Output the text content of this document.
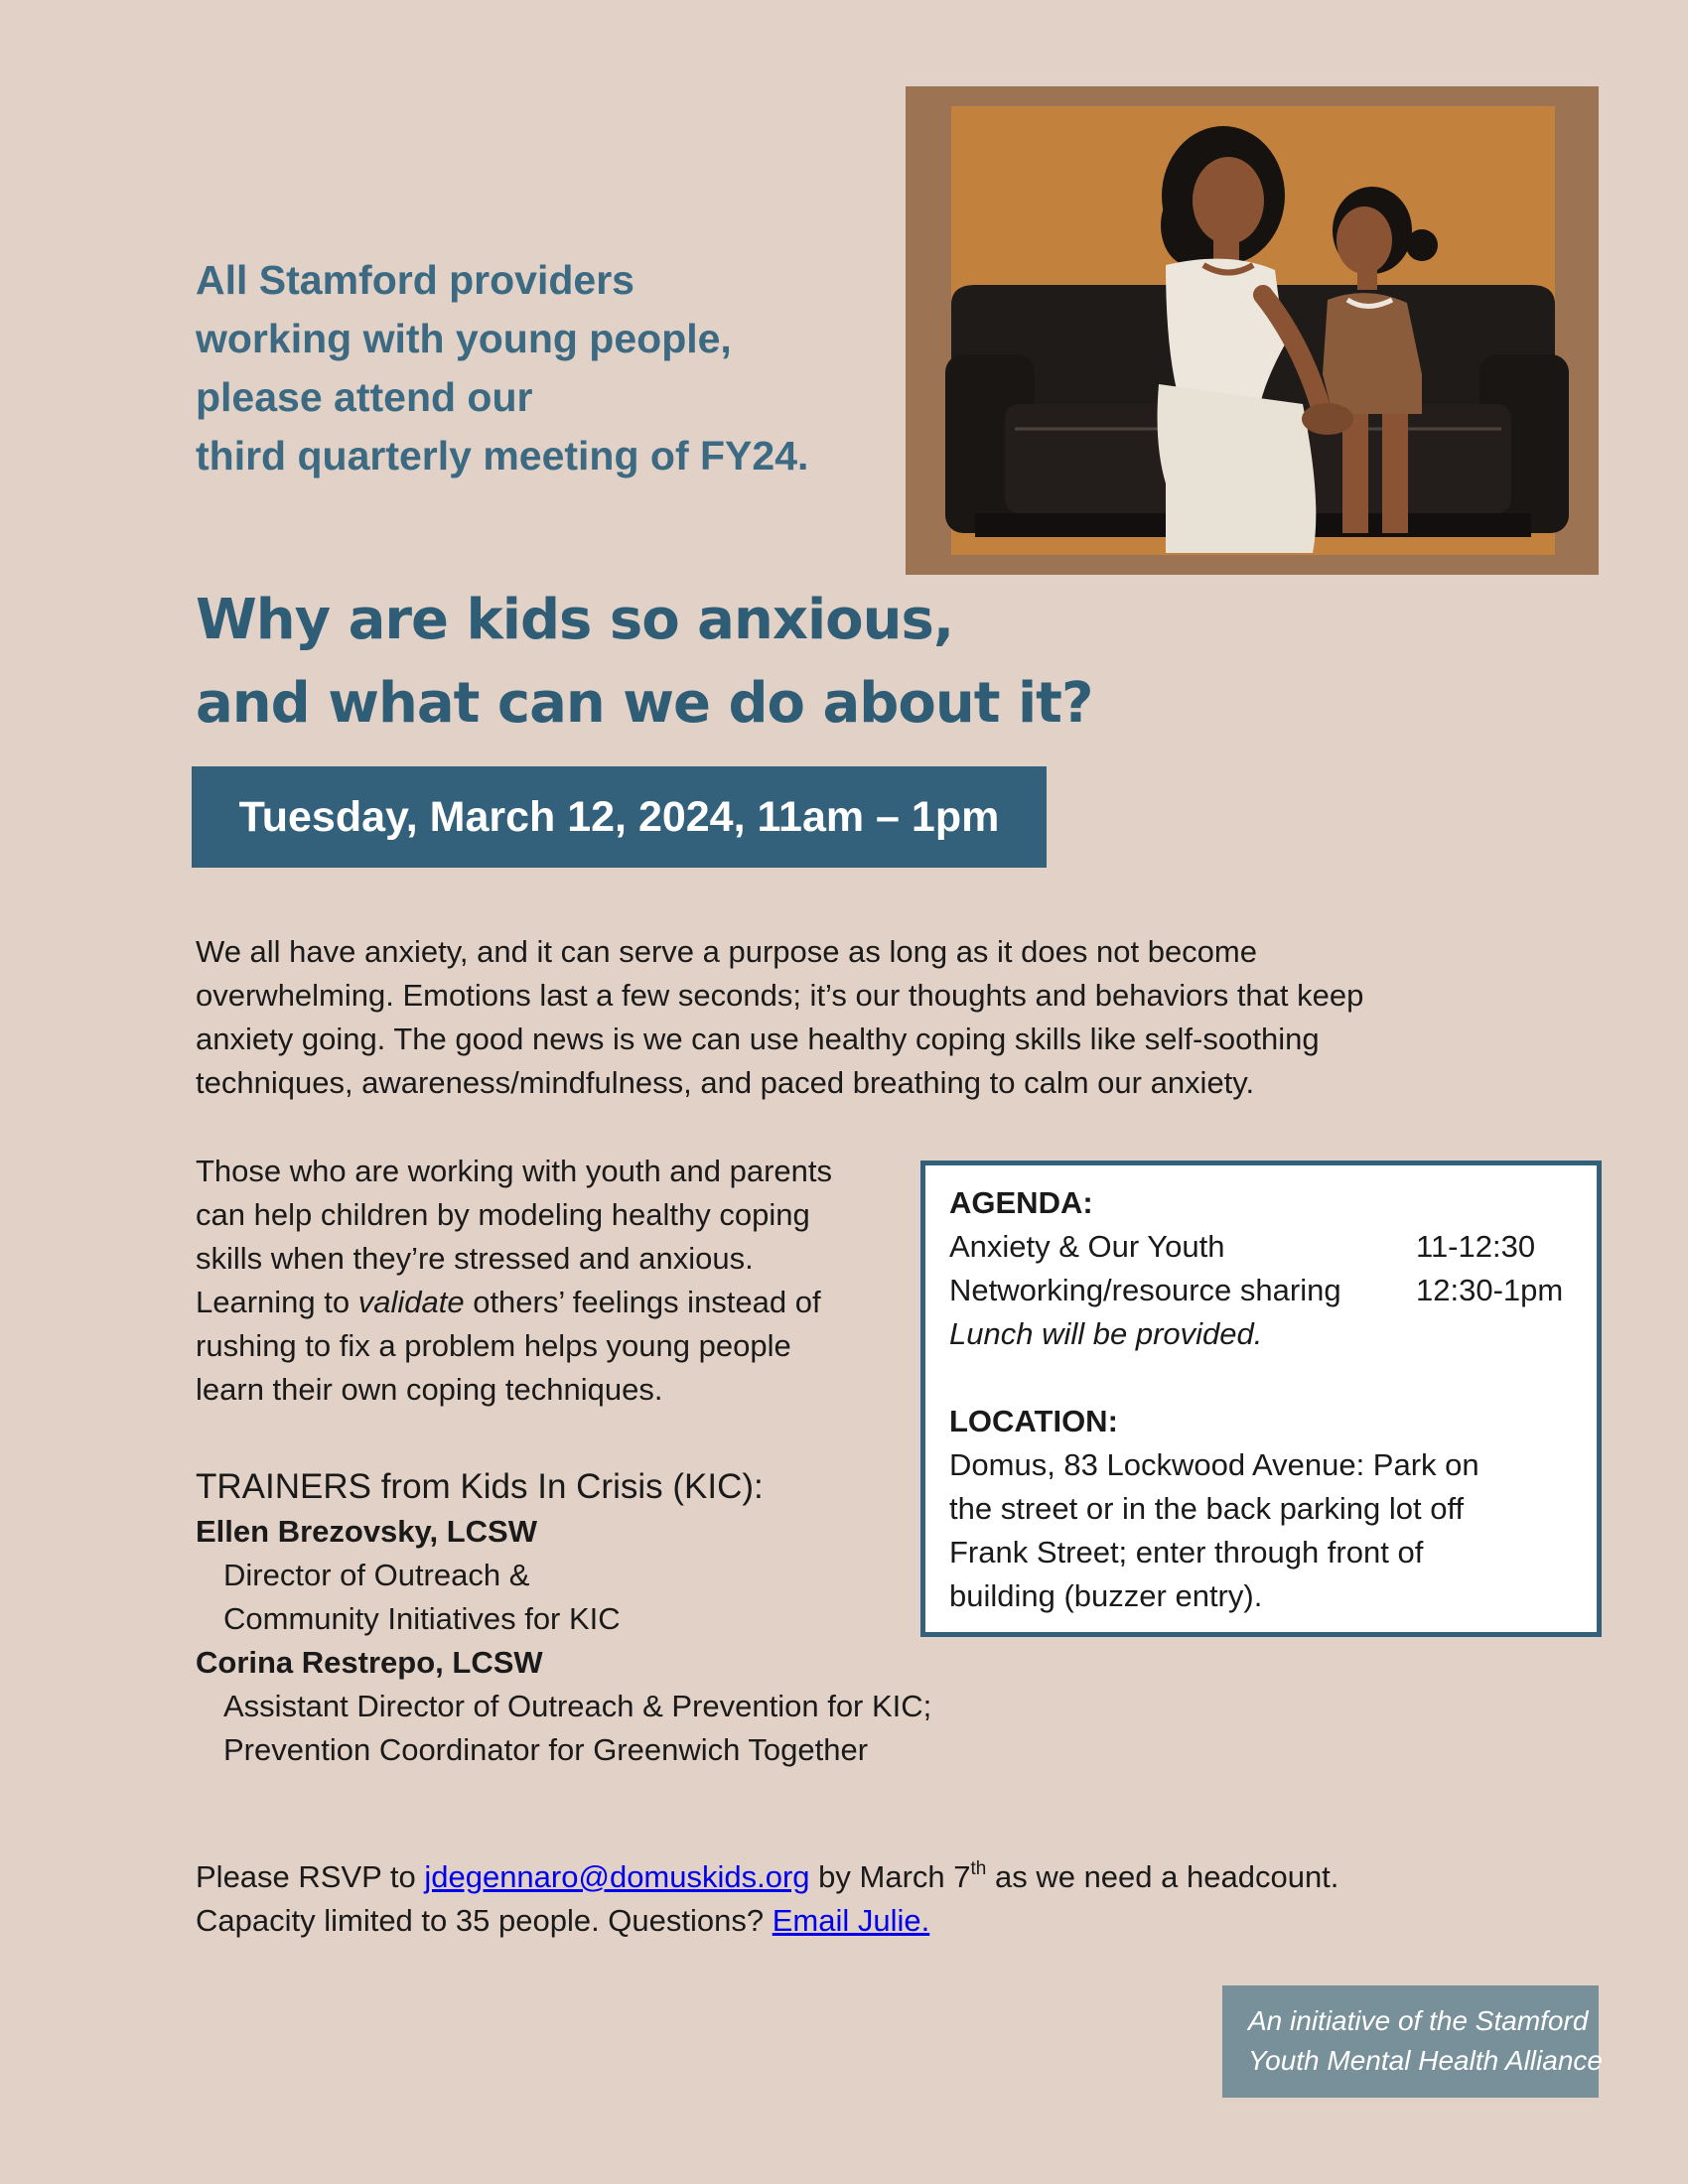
All Stamford providers
working with young people,
please attend our
third quarterly meeting of FY24.
Why are kids so anxious,
and what can we do about it?
Tuesday, March 12, 2024, 11am – 1pm
We all have anxiety, and it can serve a purpose as long as it does not become
overwhelming. Emotions last a few seconds; it’s our thoughts and behaviors that keep
anxiety going. The good news is we can use healthy coping skills like self-soothing
techniques, awareness/mindfulness, and paced breathing to calm our anxiety.
Those who are working with youth and parents
can help children by modeling healthy coping
skills when they’re stressed and anxious.
Learning to validate others’ feelings instead of
rushing to fix a problem helps young people
learn their own coping techniques.
AGENDA:
Anxiety & Our Youth	11-12:30
Networking/resource sharing	12:30-1pm
Lunch will be provided.
LOCATION:
Domus, 83 Lockwood Avenue: Park on
the street or in the back parking lot off
Frank Street; enter through front of
building (buzzer entry).
TRAINERS from Kids In Crisis (KIC):
Ellen Brezovsky, LCSW
Director of Outreach &
Community Initiatives for KIC
Corina Restrepo, LCSW
Assistant Director of Outreach & Prevention for KIC;
Prevention Coordinator for Greenwich Together
Please RSVP to jdegennaro@domuskids.org by March 7th as we need a headcount.
Capacity limited to 35 people. Questions? Email Julie.
An initiative of the Stamford
Youth Mental Health Alliance
